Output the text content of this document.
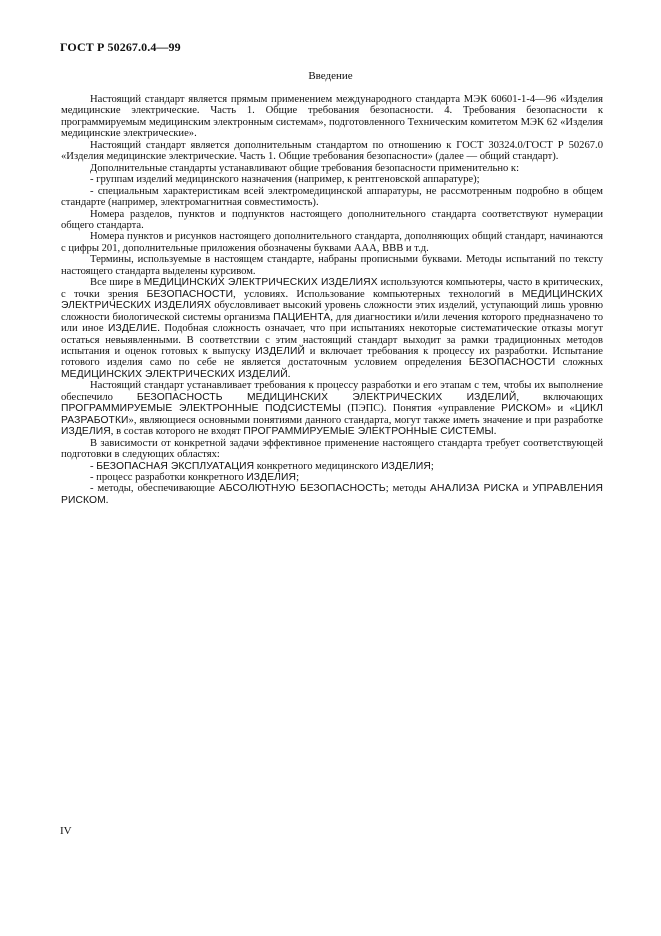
ГОСТ Р 50267.0.4—99
Введение

Настоящий стандарт является прямым применением международного стандарта МЭК 60601-1-4—96 «Изделия медицинские электрические. Часть 1. Общие требования безопасности. 4. Требования безопасности к программируемым медицинским электронным системам», подготовленного Техническим комитетом МЭК 62 «Изделия медицинские электрические».

Настоящий стандарт является дополнительным стандартом по отношению к ГОСТ 30324.0/ГОСТ Р 50267.0 «Изделия медицинские электрические. Часть 1. Общие требования безопасности» (далее — общий стандарт).

Дополнительные стандарты устанавливают общие требования безопасности применительно к:

- группам изделий медицинского назначения (например, к рентгеновской аппаратуре);

- специальным характеристикам всей электромедицинской аппаратуры, не рассмотренным подробно в общем стандарте (например, электромагнитная совместимость).

Номера разделов, пунктов и подпунктов настоящего дополнительного стандарта соответствуют нумерации общего стандарта.

Номера пунктов и рисунков настоящего дополнительного стандарта, дополняющих общий стандарт, начинаются с цифры 201, дополнительные приложения обозначены буквами AAA, BBB и т.д.

Термины, используемые в настоящем стандарте, набраны прописными буквами. Методы испытаний по тексту настоящего стандарта выделены курсивом.

Все шире в МЕДИЦИНСКИХ ЭЛЕКТРИЧЕСКИХ ИЗДЕЛИЯХ используются компьютеры, часто в критических, с точки зрения БЕЗОПАСНОСТИ, условиях. Использование компьютерных технологий в МЕДИЦИНСКИХ ЭЛЕКТРИЧЕСКИХ ИЗДЕЛИЯХ обусловливает высокий уровень сложности этих изделий, уступающий лишь уровню сложности биологической системы организма ПАЦИЕНТА, для диагностики и/или лечения которого предназначено то или иное ИЗДЕЛИЕ. Подобная сложность означает, что при испытаниях некоторые систематические отказы могут остаться невыявленными. В соответствии с этим настоящий стандарт выходит за рамки традиционных методов испытания и оценок готовых к выпуску ИЗДЕЛИЙ и включает требования к процессу их разработки. Испытание готового изделия само по себе не является достаточным условием определения БЕЗОПАСНОСТИ сложных МЕДИЦИНСКИХ ЭЛЕКТРИЧЕСКИХ ИЗДЕЛИЙ.

Настоящий стандарт устанавливает требования к процессу разработки и его этапам с тем, чтобы их выполнение обеспечило БЕЗОПАСНОСТЬ МЕДИЦИНСКИХ ЭЛЕКТРИЧЕСКИХ ИЗДЕЛИЙ, включающих ПРОГРАММИРУЕМЫЕ ЭЛЕКТРОННЫЕ ПОДСИСТЕМЫ (ПЭПС). Понятия «управление РИСКОМ» и «ЦИКЛ РАЗРАБОТКИ», являющиеся основными понятиями данного стандарта, могут также иметь значение и при разработке ИЗДЕЛИЯ, в состав которого не входят ПРОГРАММИРУЕМЫЕ ЭЛЕКТРОННЫЕ СИСТЕМЫ.

В зависимости от конкретной задачи эффективное применение настоящего стандарта требует соответствующей подготовки в следующих областях:

- БЕЗОПАСНАЯ ЭКСПЛУАТАЦИЯ конкретного медицинского ИЗДЕЛИЯ;

- процесс разработки конкретного ИЗДЕЛИЯ;

- методы, обеспечивающие АБСОЛЮТНУЮ БЕЗОПАСНОСТЬ; методы АНАЛИЗА РИСКА и УПРАВЛЕНИЯ РИСКОМ.

IV
